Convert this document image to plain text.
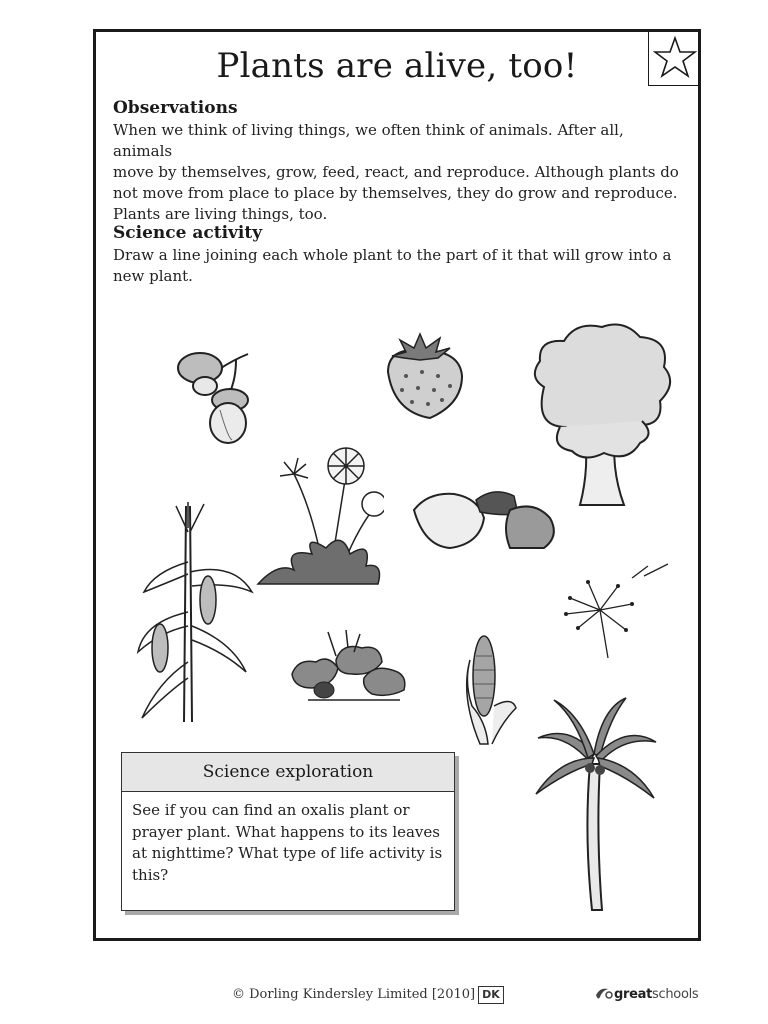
Plants are alive, too!
Observations
When we think of living things, we often think of animals. After all, animals
move by themselves, grow, feed, react, and reproduce. Although plants do
not move from place to place by themselves, they do grow and reproduce.
Plants are living things, too.
Science activity
Draw a line joining each whole plant to the part of it that will grow into a
new plant.
Science exploration
See if you can find an oxalis plant or
prayer plant. What happens to its leaves
at nighttime? What type of life activity is
this?
© Dorling Kindersley Limited [2010] DK	greatschools
